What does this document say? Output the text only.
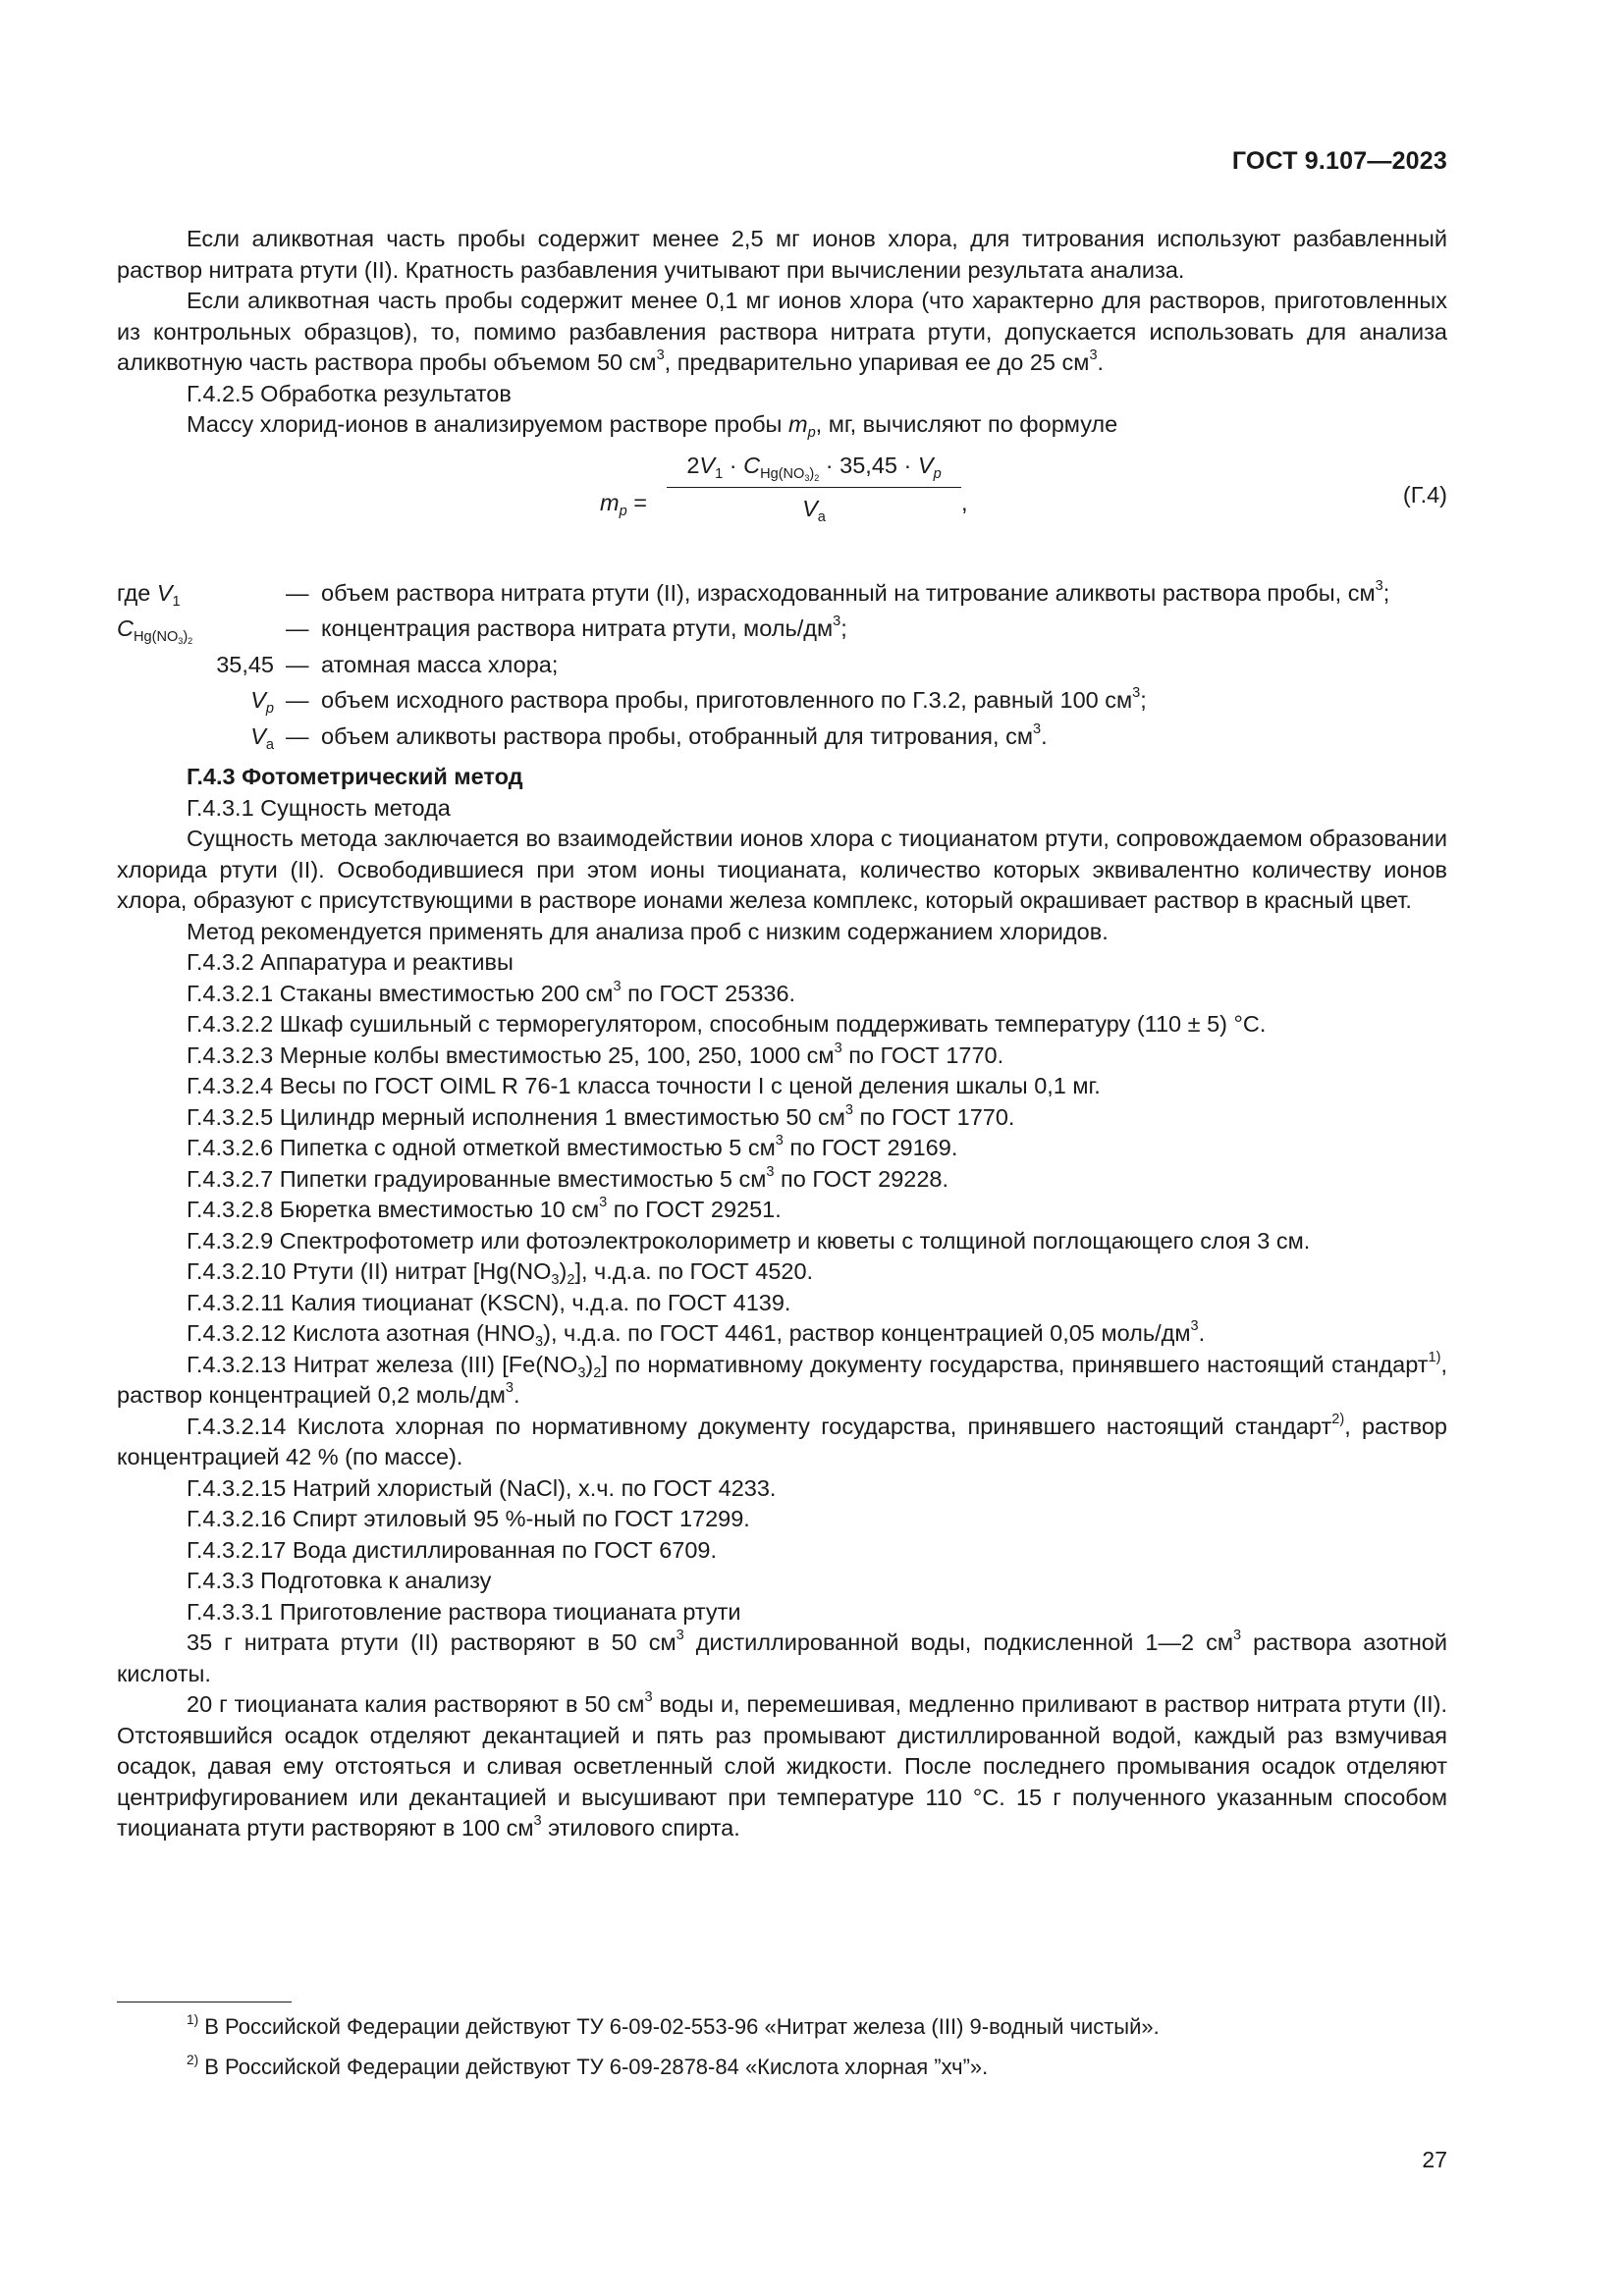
ГОСТ 9.107—2023

Если аликвотная часть пробы содержит менее 2,5 мг ионов хлора, для титрования используют разбавленный раствор нитрата ртути (II). Кратность разбавления учитывают при вычислении результата анализа.

Если аликвотная часть пробы содержит менее 0,1 мг ионов хлора (что характерно для растворов, приготовленных из контрольных образцов), то, помимо разбавления раствора нитрата ртути, допускается использовать для анализа аликвотную часть раствора пробы объемом 50 $см^3$, предварительно упаривая ее до 25 $см^3$.

Г.4.2.5 Обработка результатов

Массу хлорид-ионов в анализируемом растворе пробы $m_p$, мг, вычисляют по формуле

$m_p$ =
$2V_1 \cdot C_{Hg(NO_3)_2} \cdot 35,45 \cdot V_p$
$V_а$
,	(Г.4)
где $V_1$	— объем раствора нитрата ртути (II), израсходованный на титрование аликвоты раствора пробы, $см^3$;
$C_{Hg(NO_3)_2}$
— концентрация раствора нитрата ртути, моль/$дм^3$;
35,45 — атомная масса хлора;
$V_p$ — объем исходного раствора пробы, приготовленного по Г.3.2, равный 100 $см^3$;
$V_а$ — объем аликвоты раствора пробы, отобранный для титрования, $см^3$.

Г.4.3 Фотометрический метод

Г.4.3.1 Сущность метода

Сущность метода заключается во взаимодействии ионов хлора с тиоцианатом ртути, сопровождаемом образовании хлорида ртути (II). Освободившиеся при этом ионы тиоцианата, количество которых эквивалентно количеству ионов хлора, образуют с присутствующими в растворе ионами железа комплекс, который окрашивает раствор в красный цвет.

Метод рекомендуется применять для анализа проб с низким содержанием хлоридов.

Г.4.3.2 Аппаратура и реактивы

Г.4.3.2.1 Стаканы вместимостью 200 $см^3$ по ГОСТ 25336.

Г.4.3.2.2 Шкаф сушильный с терморегулятором, способным поддерживать температуру (110 ± 5) °С.

Г.4.3.2.3 Мерные колбы вместимостью 25, 100, 250, 1000 $см^3$ по ГОСТ 1770.

Г.4.3.2.4 Весы по ГОСТ OIML R 76-1 класса точности I с ценой деления шкалы 0,1 мг.

Г.4.3.2.5 Цилиндр мерный исполнения 1 вместимостью 50 $см^3$ по ГОСТ 1770.

Г.4.3.2.6 Пипетка с одной отметкой вместимостью 5 $см^3$ по ГОСТ 29169.

Г.4.3.2.7 Пипетки градуированные вместимостью 5 $см^3$ по ГОСТ 29228.

Г.4.3.2.8 Бюретка вместимостью 10 $см^3$ по ГОСТ 29251.

Г.4.3.2.9 Спектрофотометр или фотоэлектроколориметр и кюветы с толщиной поглощающего слоя 3 см.

Г.4.3.2.10 Ртути (II) нитрат $[Hg(NO_3)_2]$, ч.д.а. по ГОСТ 4520.

Г.4.3.2.11 Калия тиоцианат (KSCN), ч.д.а. по ГОСТ 4139.

Г.4.3.2.12 Кислота азотная $(HNO_3)$, ч.д.а. по ГОСТ 4461, раствор концентрацией 0,05 моль/$дм^3$.

Г.4.3.2.13 Нитрат железа (III) $[Fe(NO_3)_2]$ по нормативному документу государства, принявшего настоящий стандарт$^{1)}$, раствор концентрацией 0,2 моль/$дм^3$.

Г.4.3.2.14 Кислота хлорная по нормативному документу государства, принявшего настоящий стандарт$^{2)}$, раствор концентрацией 42 % (по массе).

Г.4.3.2.15 Натрий хлористый (NaCl), х.ч. по ГОСТ 4233.

Г.4.3.2.16 Спирт этиловый 95 %-ный по ГОСТ 17299.

Г.4.3.2.17 Вода дистиллированная по ГОСТ 6709.

Г.4.3.3 Подготовка к анализу

Г.4.3.3.1 Приготовление раствора тиоцианата ртути

35 г нитрата ртути (II) растворяют в 50 $см^3$ дистиллированной воды, подкисленной 1—2 $см^3$ раствора азотной кислоты.

20 г тиоцианата калия растворяют в 50 $см^3$ воды и, перемешивая, медленно приливают в раствор нитрата ртути (II). Отстоявшийся осадок отделяют декантацией и пять раз промывают дистиллированной водой, каждый раз взмучивая осадок, давая ему отстояться и сливая осветленный слой жидкости. После последнего промывания осадок отделяют центрифугированием или декантацией и высушивают при температуре 110 °С. 15 г полученного указанным способом тиоцианата ртути растворяют в 100 $см^3$ этилового спирта.

$^{1)}$ В Российской Федерации действуют ТУ 6-09-02-553-96 «Нитрат железа (III) 9-водный чистый».
$^{2)}$ В Российской Федерации действуют ТУ 6-09-2878-84 «Кислота хлорная ”хч”».
27
